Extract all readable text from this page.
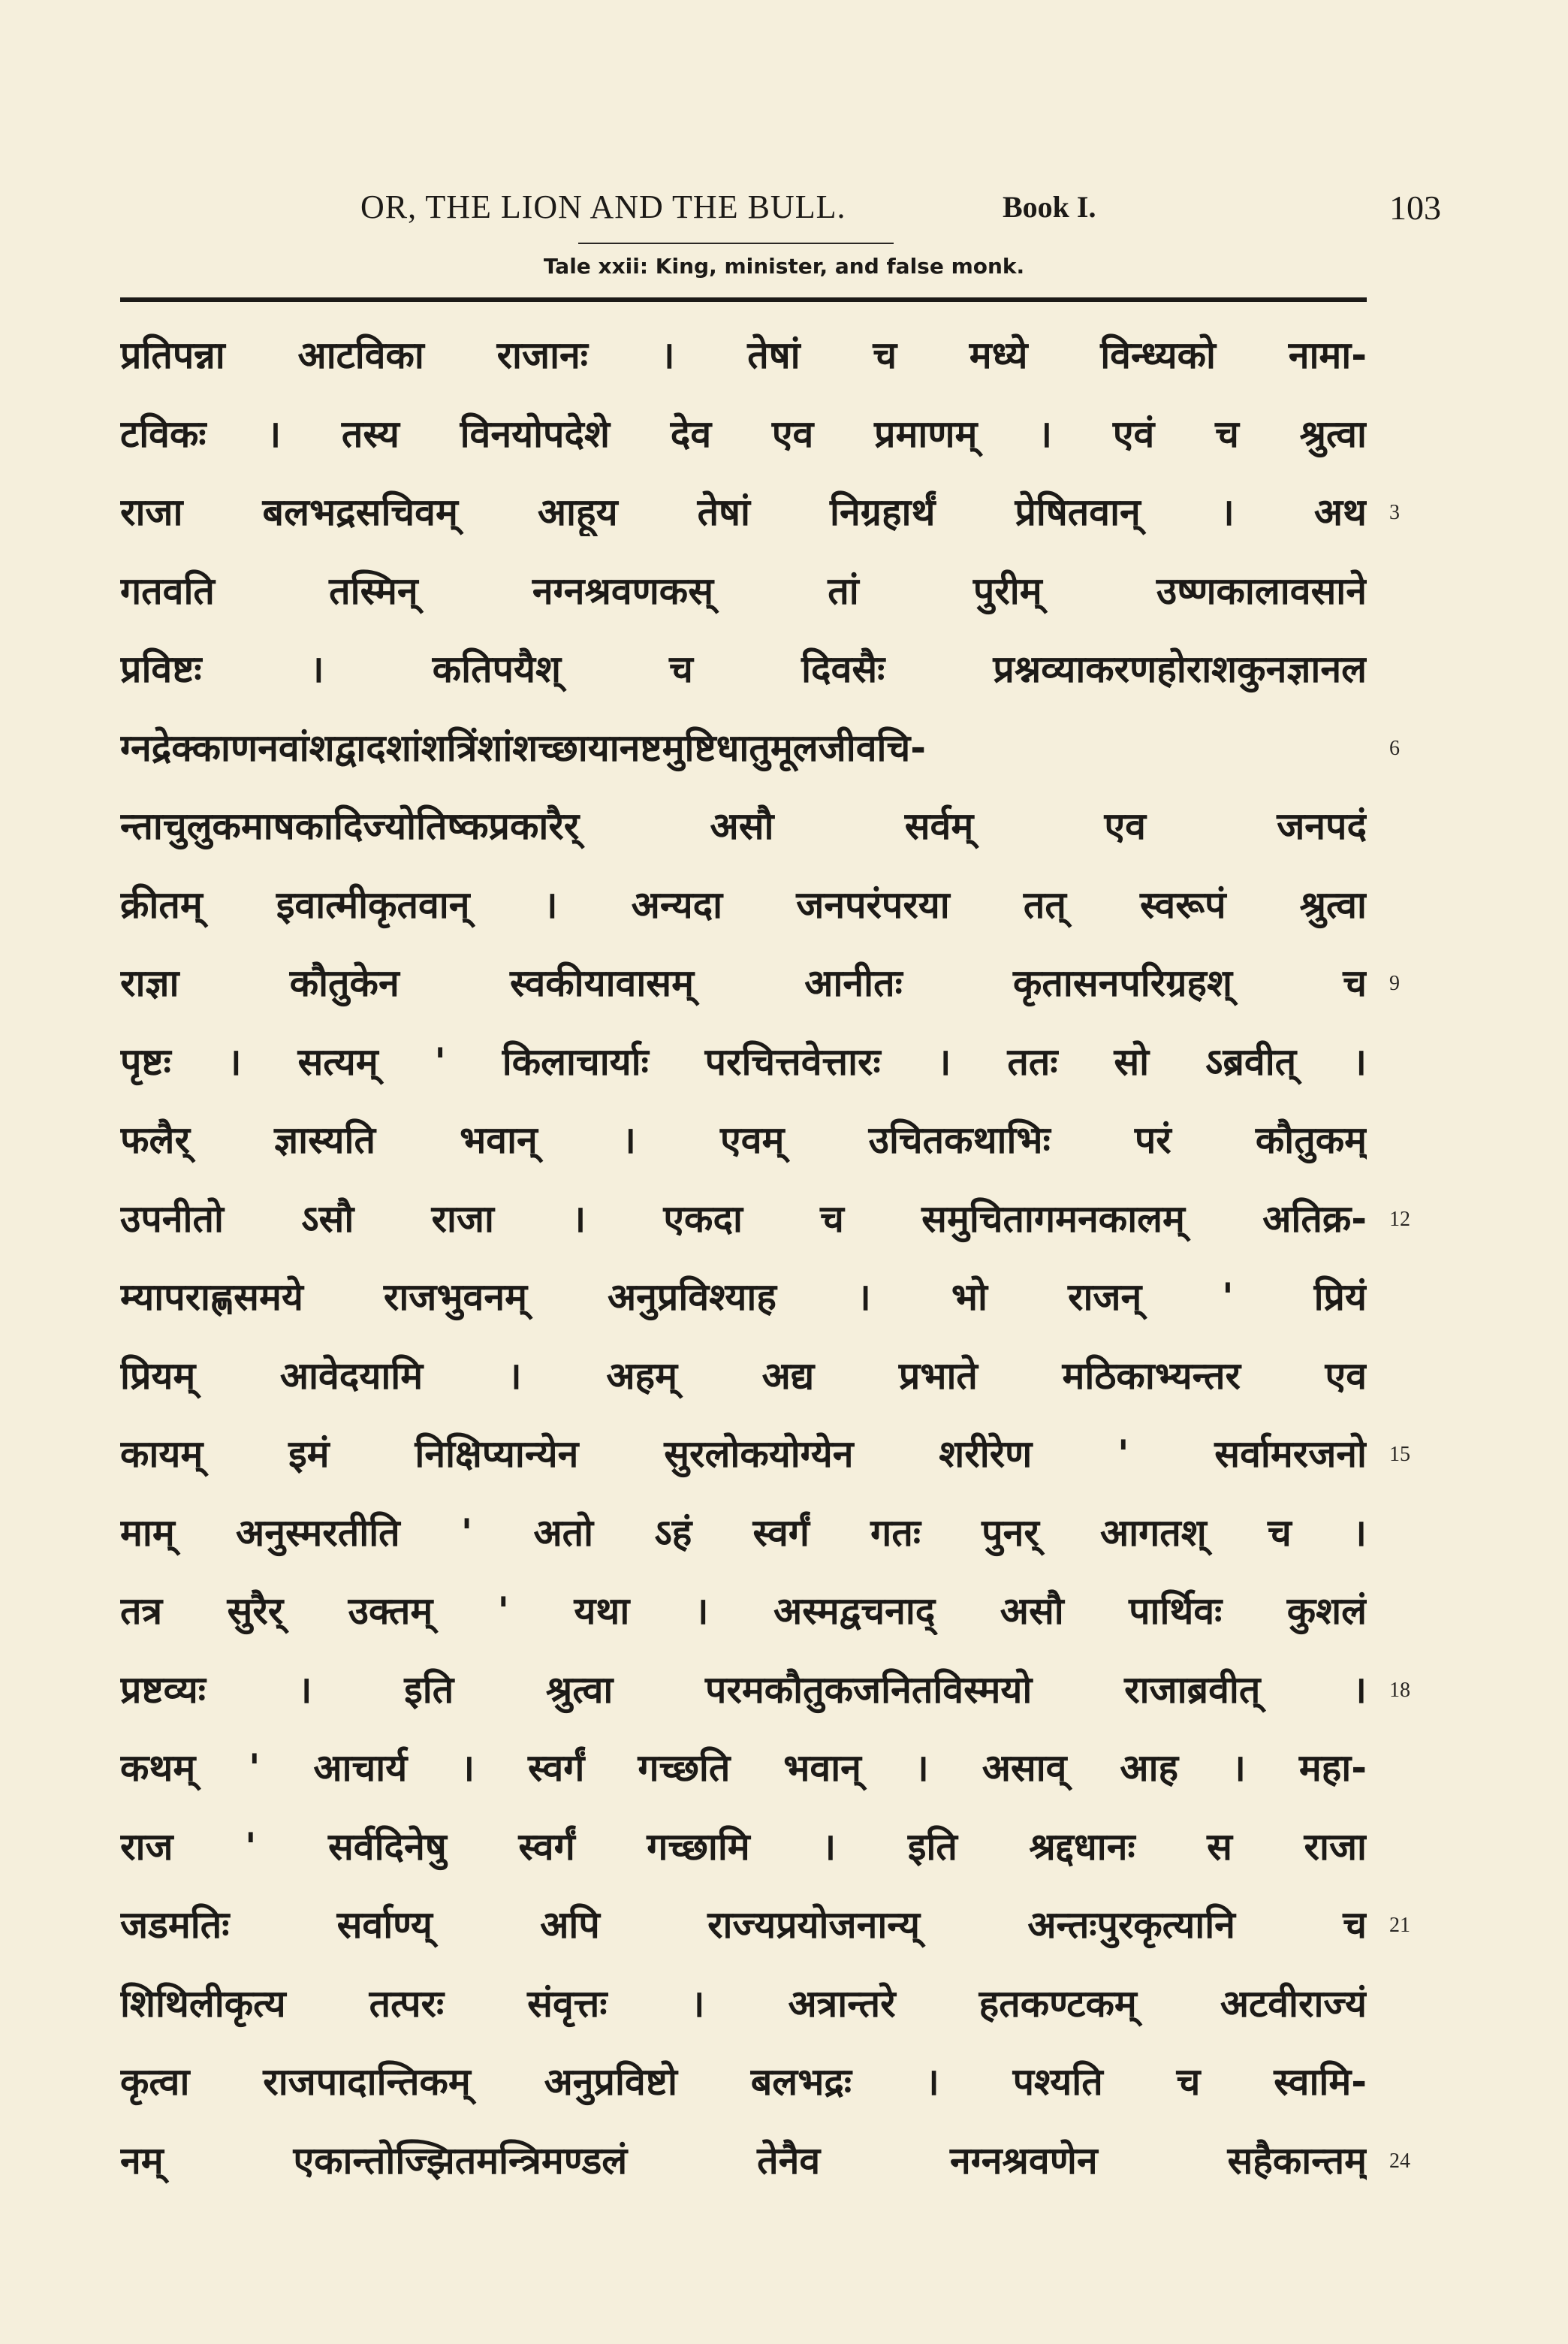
OR, THE LION AND THE BULL.	Book I.	103
Tale xxii: King, minister, and false monk.
प्रतिपन्ना आटविका राजानः । तेषां च मध्ये विन्ध्यको नामा-
टविकः । तस्य विनयोपदेशे देव एव प्रमाणम् । एवं च श्रुत्वा
राजा बलभद्रसचिवम् आहूय तेषां निग्रहार्थं प्रेषितवान् । अथ 3
गतवति तस्मिन् नग्नश्रवणकस् तां पुरीम् उष्णकालावसाने
प्रविष्टः । कतिपयैश् च दिवसैः प्रश्नव्याकरणहोराशकुनज्ञानल
ग्नद्रेक्काणनवांशद्वादशांशत्रिंशांशच्छायानष्टमुष्टिधातुमूलजीवचि-	6
न्ताचुलुकमाषकादिज्योतिष्कप्रकारैर् असौ सर्वम् एव जनपदं
क्रीतम् इवात्मीकृतवान् । अन्यदा जनपरंपरया तत् स्वरूपं श्रुत्वा
राज्ञा कौतुकेन स्वकीयावासम् आनीतः कृतासनपरिग्रहश् च 9
पृष्टः । सत्यम् ' किलाचार्याः परचित्तवेत्तारः । ततः सो ऽब्रवीत् ।
फलैर् ज्ञास्यति भवान् । एवम् उचितकथाभिः परं कौतुकम्
उपनीतो ऽसौ राजा । एकदा च समुचितागमनकालम् अतिक्र- 12
म्यापराह्णसमये राजभुवनम् अनुप्रविश्याह । भो राजन् ' प्रियं
प्रियम् आवेदयामि । अहम् अद्य प्रभाते मठिकाभ्यन्तर एव
कायम् इमं निक्षिप्यान्येन सुरलोकयोग्येन शरीरेण ' सर्वामरजनो 15
माम् अनुस्मरतीति ' अतो ऽहं स्वर्गं गतः पुनर् आगतश् च ।
तत्र सुरैर् उक्तम् ' यथा । अस्मद्वचनाद् असौ पार्थिवः कुशलं
प्रष्टव्यः । इति श्रुत्वा परमकौतुकजनितविस्मयो राजाब्रवीत् । 18
कथम् ' आचार्य । स्वर्गं गच्छति भवान् । असाव् आह । महा-
राज ' सर्वदिनेषु स्वर्गं गच्छामि । इति श्रद्दधानः स राजा
जडमतिः सर्वाण्य् अपि राज्यप्रयोजनान्य् अन्तःपुरकृत्यानि च 21
शिथिलीकृत्य तत्परः संवृत्तः । अत्रान्तरे हतकण्टकम् अटवीराज्यं
कृत्वा राजपादान्तिकम् अनुप्रविष्टो बलभद्रः । पश्यति च स्वामि-
नम् एकान्तोज्झितमन्त्रिमण्डलं तेनैव नग्नश्रवणेन सहैकान्तम् 24
